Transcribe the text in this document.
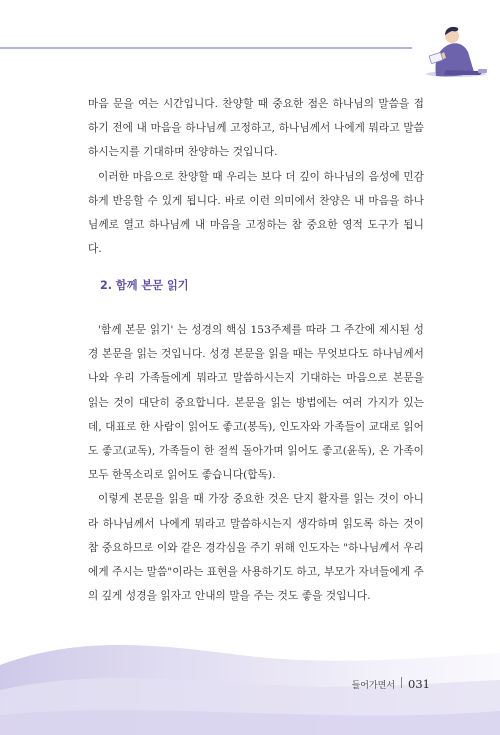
마음 문을 여는 시간입니다. 찬양할 때 중요한 점은 하나님의 말씀을 접하기 전에 내 마음을 하나님께 고정하고, 하나님께서 나에게 뭐라고 말씀하시는지를 기대하며 찬양하는 것입니다.

이러한 마음으로 찬양할 때 우리는 보다 더 깊이 하나님의 음성에 민감하게 반응할 수 있게 됩니다. 바로 이런 의미에서 찬양은 내 마음을 하나님께로 열고 하나님께 내 마음을 고정하는 참 중요한 영적 도구가 됩니다.

2. 함께 본문 읽기

'함께 본문 읽기' 는 성경의 핵심 153주제를 따라 그 주간에 제시된 성경 본문을 읽는 것입니다. 성경 본문을 읽을 때는 무엇보다도 하나님께서 나와 우리 가족들에게 뭐라고 말씀하시는지 기대하는 마음으로 본문을 읽는 것이 대단히 중요합니다. 본문을 읽는 방법에는 여러 가지가 있는데, 대표로 한 사람이 읽어도 좋고(봉독), 인도자와 가족들이 교대로 읽어도 좋고(교독), 가족들이 한 절씩 돌아가며 읽어도 좋고(윤독), 온 가족이 모두 한목소리로 읽어도 좋습니다(합독).

이렇게 본문을 읽을 때 가장 중요한 것은 단지 활자를 읽는 것이 아니라 하나님께서 나에게 뭐라고 말씀하시는지 생각하며 읽도록 하는 것이 참 중요하므로 이와 같은 경각심을 주기 위해 인도자는 "하나님께서 우리에게 주시는 말씀"이라는 표현을 사용하기도 하고, 부모가 자녀들에게 주의 깊게 성경을 읽자고 안내의 말을 주는 것도 좋을 것입니다.

들어가면서 031
